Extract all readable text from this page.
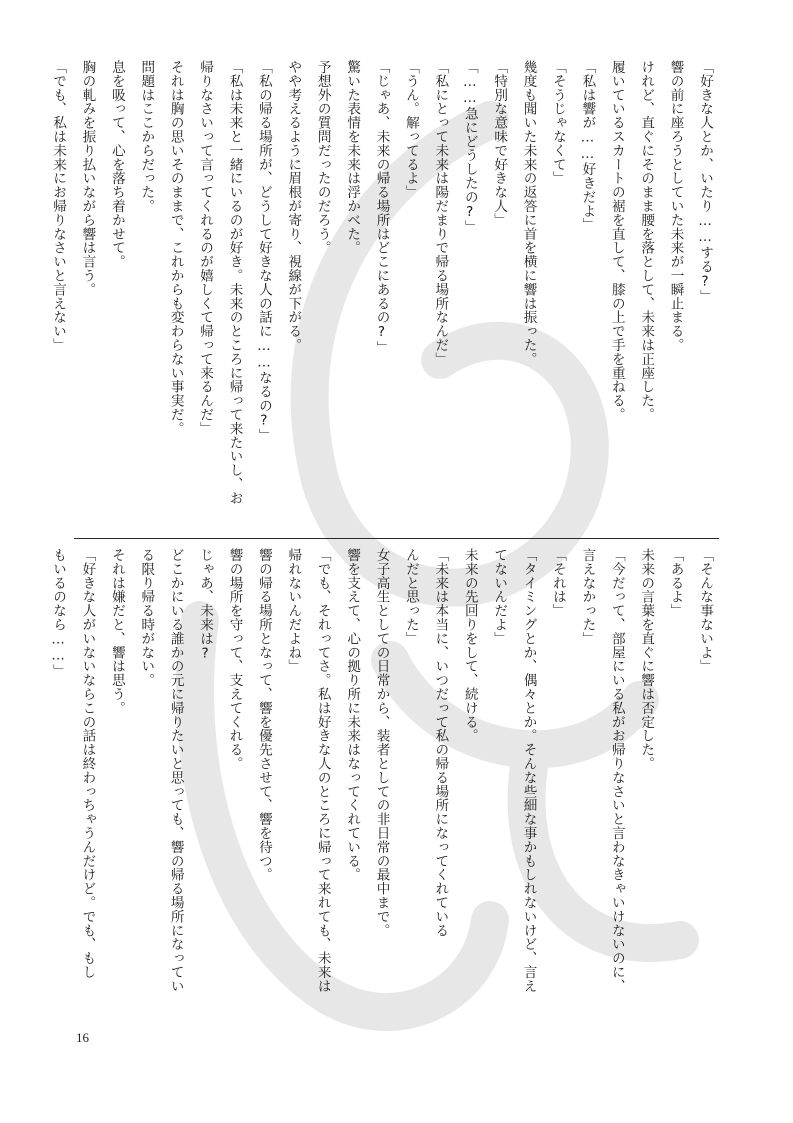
「好きな人とか、いたり……する?」
響の前に座ろうとしていた未来が一瞬止まる。
けれど、直ぐにそのまま腰を落として、未来は正座した。
履いているスカートの裾を直して、膝の上で手を重ねる。
「私は響が……好きだよ」
「そうじゃなくて」
幾度も聞いた未来の返答に首を横に響は振った。
「特別な意味で好きな人」
「……急にどうしたの?」
「私にとって未来は陽だまりで帰る場所なんだ」
「うん。解ってるよ」
「じゃあ、未来の帰る場所はどこにあるの?」
驚いた表情を未来は浮かべた。
予想外の質問だったのだろう。
やや考えるように眉根が寄り、視線が下がる。
「私の帰る場所が、どうして好きな人の話に……なるの?」
「私は未来と一緒にいるのが好き。未来のところに帰って来たいし、お
帰りなさいって言ってくれるのが嬉しくて帰って来るんだ」
それは胸の思いそのままで、これからも変わらない事実だ。
問題はここからだった。
息を吸って、心を落ち着かせて。
胸の軋みを振り払いながら響は言う。
「でも、私は未来にお帰りなさいと言えない」
「そんな事ないよ」
「あるよ」
未来の言葉を直ぐに響は否定した。
「今だって、部屋にいる私がお帰りなさいと言わなきゃいけないのに、
言えなかった」
「それは」
「タイミングとか、偶々とか。そんな些細な事かもしれないけど、言え
てないんだよ」
未来の先回りをして、続ける。
「未来は本当に、いつだって私の帰る場所になってくれている
んだと思った」
女子高生としての日常から、装者としての非日常の最中まで。
響を支えて、心の拠り所に未来はなってくれている。
「でも、それってさ。私は好きな人のところに帰って来れても、未来は
帰れないんだよね」
響の帰る場所となって、響を優先させて、響を待つ。
響の場所を守って、支えてくれる。
じゃあ、未来は?
どこかにいる誰かの元に帰りたいと思っても、響の帰る場所になってい
る限り帰る時がない。
それは嫌だと、響は思う。
「好きな人がいないならこの話は終わっちゃうんだけど。でも、もし
もいるのなら……」
16
